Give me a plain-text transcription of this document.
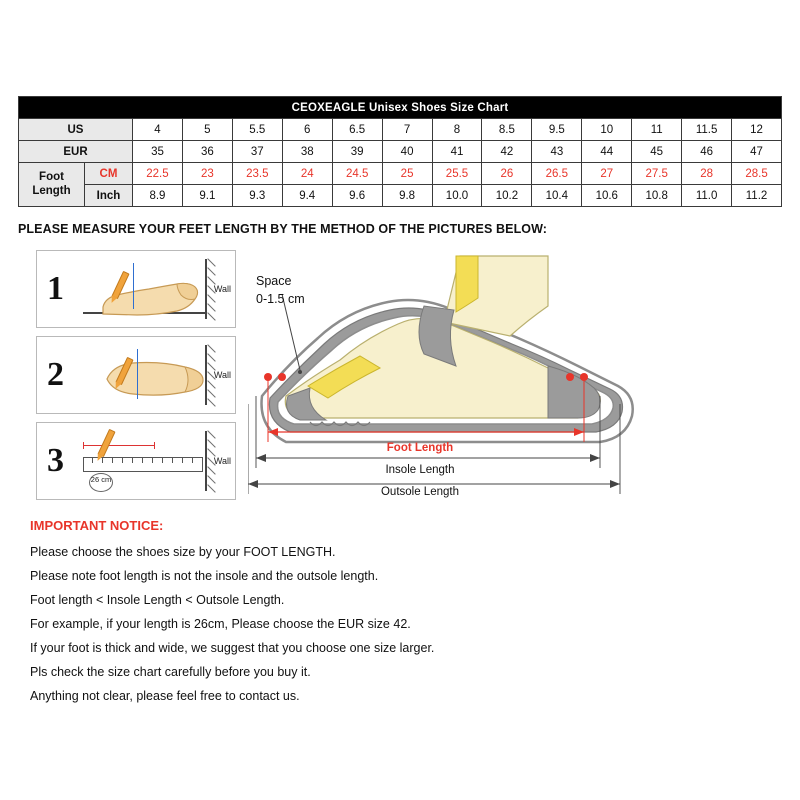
CEOXEAGLE Unisex Shoes Size Chart														
US		4	5	5.5	6	6.5	7	8	8.5	9.5	10	11	11.5	12
EUR		35	36	37	38	39	40	41	42	43	44	45	46	47

Foot
Length	CM	22.5	23	23.5	24	24.5	25	25.5	26	26.5	27	27.5	28	28.5
	Inch	8.9	9.1	9.3	9.4	9.6	9.8	10.0	10.2	10.4	10.6	10.8	11.0	11.2
PLEASE MEASURE YOUR FEET LENGTH BY THE METHOD OF THE PICTURES BELOW:
1	Wall
2	Wall
3
26 cm
Wall
Space
0-1.5 cm
Foot Length
Insole Length
Outsole Length
IMPORTANT NOTICE:
Please choose the shoes size by your FOOT LENGTH.
Please note foot length is not the insole and the outsole length.
Foot length < Insole Length < Outsole Length.
For example, if your length is 26cm, Please choose the EUR size 42.
If your foot is thick and wide, we suggest that you choose one size larger.
Pls check the size chart carefully before you buy it.
Anything not clear, please feel free to contact us.
